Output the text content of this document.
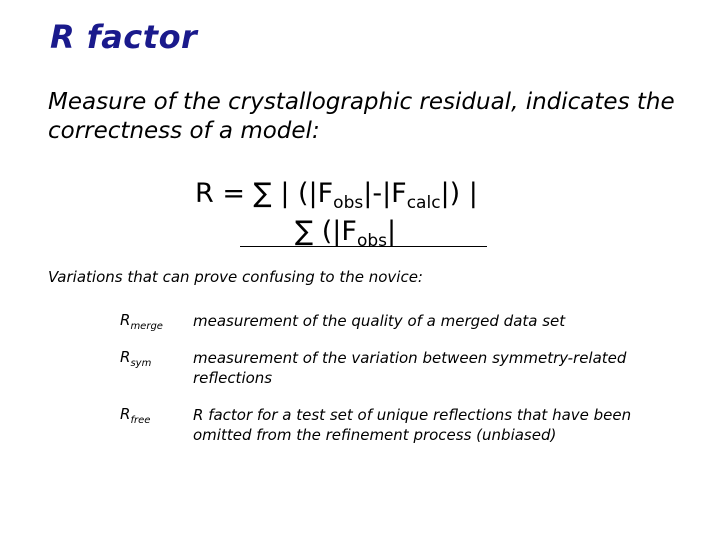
R factor
Measure of the crystallographic residual, indicates the correctness of a model:
R = ∑ | $(|F_{obs}|-|F_{calc}|)$ |
∑ ($|F_{obs}|$
Variations that can prove confusing to the novice:
$R_{merge}$ measurement of the quality of a merged data set
$R_{sym}$	measurement of the variation between symmetry-related reflections
$R_{free}$	R factor for a test set of unique reflections that have been omitted from the refinement process (unbiased)
